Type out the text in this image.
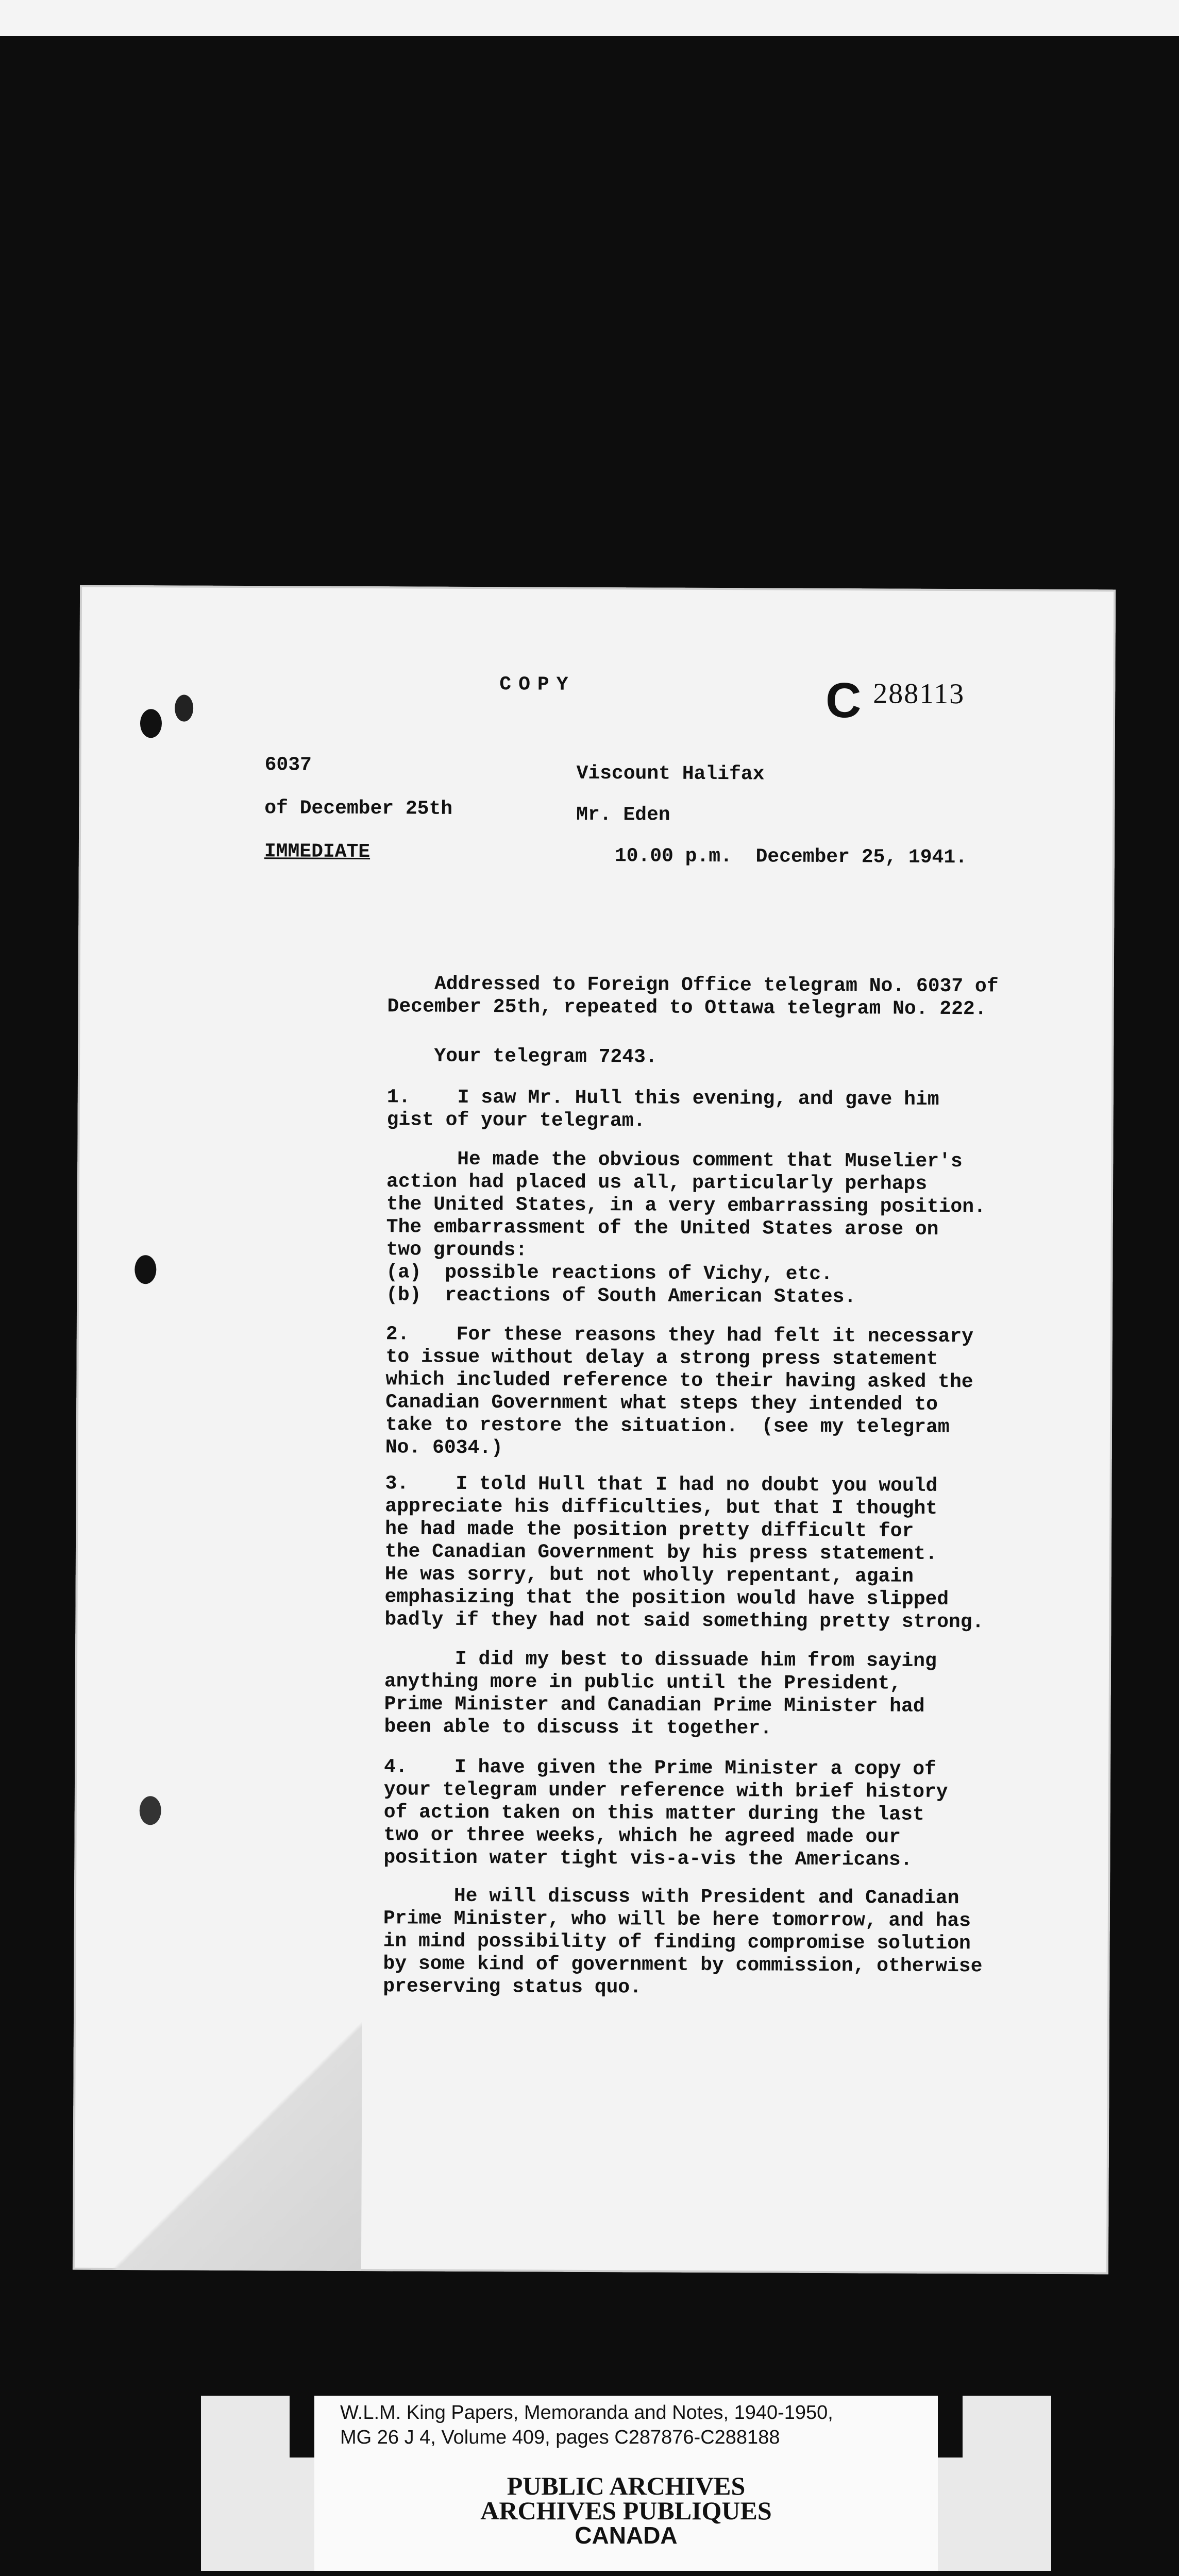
COPY	C 288113
6037
of December 25th
IMMEDIATE
Viscount Halifax
Mr. Eden
10.00 p.m.  December 25, 1941.
Addressed to Foreign Office telegram No. 6037 of
December 25th, repeated to Ottawa telegram No. 222.
Your telegram 7243.
1.    I saw Mr. Hull this evening, and gave him
gist of your telegram.
He made the obvious comment that Muselier's
action had placed us all, particularly perhaps
the United States, in a very embarrassing position.
The embarrassment of the United States arose on
two grounds:
(a)  possible reactions of Vichy, etc.
(b)  reactions of South American States.
2.    For these reasons they had felt it necessary
to issue without delay a strong press statement
which included reference to their having asked the
Canadian Government what steps they intended to
take to restore the situation.  (see my telegram
No. 6034.)
3.    I told Hull that I had no doubt you would
appreciate his difficulties, but that I thought
he had made the position pretty difficult for
the Canadian Government by his press statement.
He was sorry, but not wholly repentant, again
emphasizing that the position would have slipped
badly if they had not said something pretty strong.
I did my best to dissuade him from saying
anything more in public until the President,
Prime Minister and Canadian Prime Minister had
been able to discuss it together.
4.    I have given the Prime Minister a copy of
your telegram under reference with brief history
of action taken on this matter during the last
two or three weeks, which he agreed made our
position water tight vis-a-vis the Americans.
He will discuss with President and Canadian
Prime Minister, who will be here tomorrow, and has
in mind possibility of finding compromise solution
by some kind of government by commission, otherwise
preserving status quo.
W.L.M. King Papers, Memoranda and Notes, 1940-1950,
MG 26 J 4, Volume 409, pages C287876-C288188
PUBLIC ARCHIVES
ARCHIVES PUBLIQUES
CANADA
